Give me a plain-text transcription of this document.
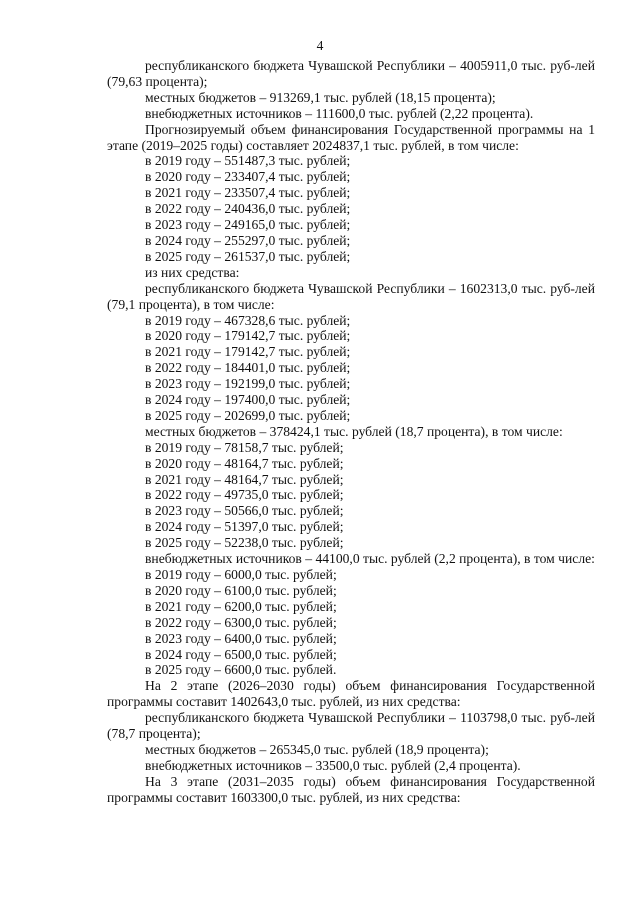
4

республиканского бюджета Чувашской Республики – 4005911,0 тыс. руб-лей (79,63 процента);

местных бюджетов – 913269,1 тыс. рублей (18,15 процента);

внебюджетных источников – 111600,0 тыс. рублей (2,22 процента).

Прогнозируемый объем финансирования Государственной программы на 1 этапе (2019–2025 годы) составляет 2024837,1 тыс. рублей, в том числе:

в 2019 году – 551487,3 тыс. рублей;

в 2020 году – 233407,4 тыс. рублей;

в 2021 году – 233507,4 тыс. рублей;

в 2022 году – 240436,0 тыс. рублей;

в 2023 году – 249165,0 тыс. рублей;

в 2024 году – 255297,0 тыс. рублей;

в 2025 году – 261537,0 тыс. рублей;

из них средства:

республиканского бюджета Чувашской Республики – 1602313,0 тыс. руб-лей (79,1 процента), в том числе:

в 2019 году – 467328,6 тыс. рублей;

в 2020 году – 179142,7 тыс. рублей;

в 2021 году – 179142,7 тыс. рублей;

в 2022 году – 184401,0 тыс. рублей;

в 2023 году – 192199,0 тыс. рублей;

в 2024 году – 197400,0 тыс. рублей;

в 2025 году – 202699,0 тыс. рублей;

местных бюджетов – 378424,1 тыс. рублей (18,7 процента), в том числе:

в 2019 году – 78158,7 тыс. рублей;

в 2020 году – 48164,7 тыс. рублей;

в 2021 году – 48164,7 тыс. рублей;

в 2022 году – 49735,0 тыс. рублей;

в 2023 году – 50566,0 тыс. рублей;

в 2024 году – 51397,0 тыс. рублей;

в 2025 году – 52238,0 тыс. рублей;

внебюджетных источников – 44100,0 тыс. рублей (2,2 процента), в том числе:

в 2019 году – 6000,0 тыс. рублей;

в 2020 году – 6100,0 тыс. рублей;

в 2021 году – 6200,0 тыс. рублей;

в 2022 году – 6300,0 тыс. рублей;

в 2023 году – 6400,0 тыс. рублей;

в 2024 году – 6500,0 тыс. рублей;

в 2025 году – 6600,0 тыс. рублей.

На 2 этапе (2026–2030 годы) объем финансирования Государственной программы составит 1402643,0 тыс. рублей, из них средства:

республиканского бюджета Чувашской Республики – 1103798,0 тыс. руб-лей (78,7 процента);

местных бюджетов – 265345,0 тыс. рублей (18,9 процента);

внебюджетных источников – 33500,0 тыс. рублей (2,4 процента).

На 3 этапе (2031–2035 годы) объем финансирования Государственной программы составит 1603300,0 тыс. рублей, из них средства:
